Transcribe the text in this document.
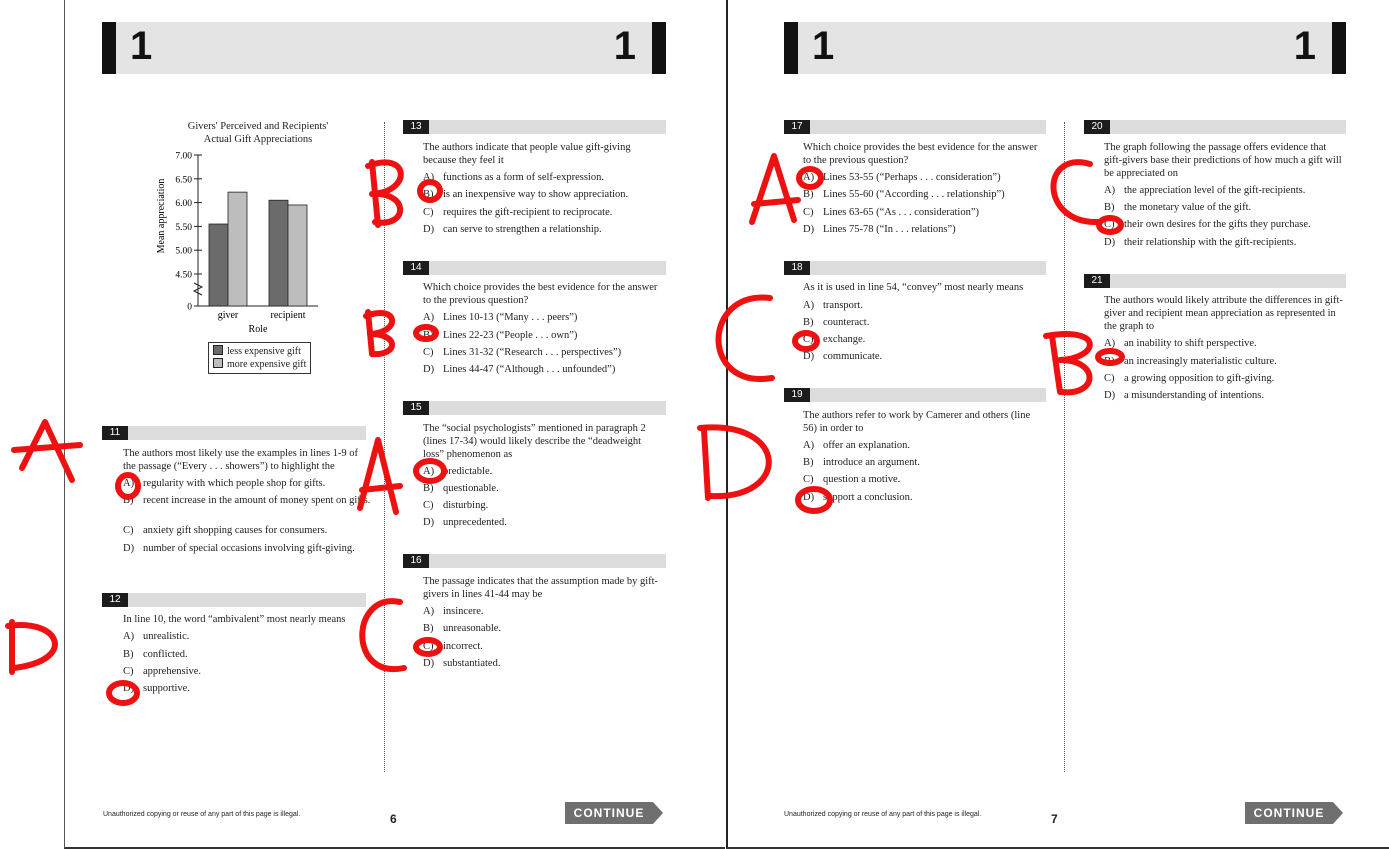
1	1	1	1
Givers' Perceived and Recipients'
Actual Gift Appreciations
Mean appreciation
7.00
6.50
6.00
5.50
5.00
4.50
0
giver	recipient
Role
less expensive gift
more expensive gift
11
The authors most likely use the examples in lines 1-9 of the passage (“Every . . . showers”) to highlight the
A) regularity with which people shop for gifts.
B) recent increase in the amount of money spent on gifts.
C) anxiety gift shopping causes for consumers.
D) number of special occasions involving gift-giving.
12
In line 10, the word “ambivalent” most nearly means
A) unrealistic.
B) conflicted.
C) apprehensive.
D) supportive.
13
The authors indicate that people value gift-giving because they feel it
A) functions as a form of self-expression.
B) is an inexpensive way to show appreciation.
C) requires the gift-recipient to reciprocate.
D) can serve to strengthen a relationship.
14
Which choice provides the best evidence for the answer to the previous question?
A) Lines 10-13 (“Many . . . peers”)
B) Lines 22-23 (“People . . . own”)
C) Lines 31-32 (“Research . . . perspectives”)
D) Lines 44-47 (“Although . . . unfounded”)
15
The “social psychologists” mentioned in paragraph 2 (lines 17-34) would likely describe the “deadweight loss” phenomenon as
A) predictable.
B) questionable.
C) disturbing.
D) unprecedented.
16
The passage indicates that the assumption made by gift-givers in lines 41-44 may be
A) insincere.
B) unreasonable.
C) incorrect.
D) substantiated.
17
Which choice provides the best evidence for the answer to the previous question?
A) Lines 53-55 (“Perhaps . . . consideration”)
B) Lines 55-60 (“According . . . relationship”)
C) Lines 63-65 (“As . . . consideration”)
D) Lines 75-78 (“In . . . relations”)
18
As it is used in line 54, “convey” most nearly means
A) transport.
B) counteract.
C) exchange.
D) communicate.
19
The authors refer to work by Camerer and others (line 56) in order to
A) offer an explanation.
B) introduce an argument.
C) question a motive.
D) support a conclusion.
20
The graph following the passage offers evidence that gift-givers base their predictions of how much a gift will be appreciated on
A) the appreciation level of the gift-recipients.
B) the monetary value of the gift.
C) their own desires for the gifts they purchase.
D) their relationship with the gift-recipients.
21
The authors would likely attribute the differences in gift-giver and recipient mean appreciation as represented in the graph to
A) an inability to shift perspective.
B) an increasingly materialistic culture.
C) a growing opposition to gift-giving.
D) a misunderstanding of intentions.
Unauthorized copying or reuse of any part of this page is illegal.	6	CONTINUE	Unauthorized copying or reuse of any part of this page is illegal.	7	CONTINUE
